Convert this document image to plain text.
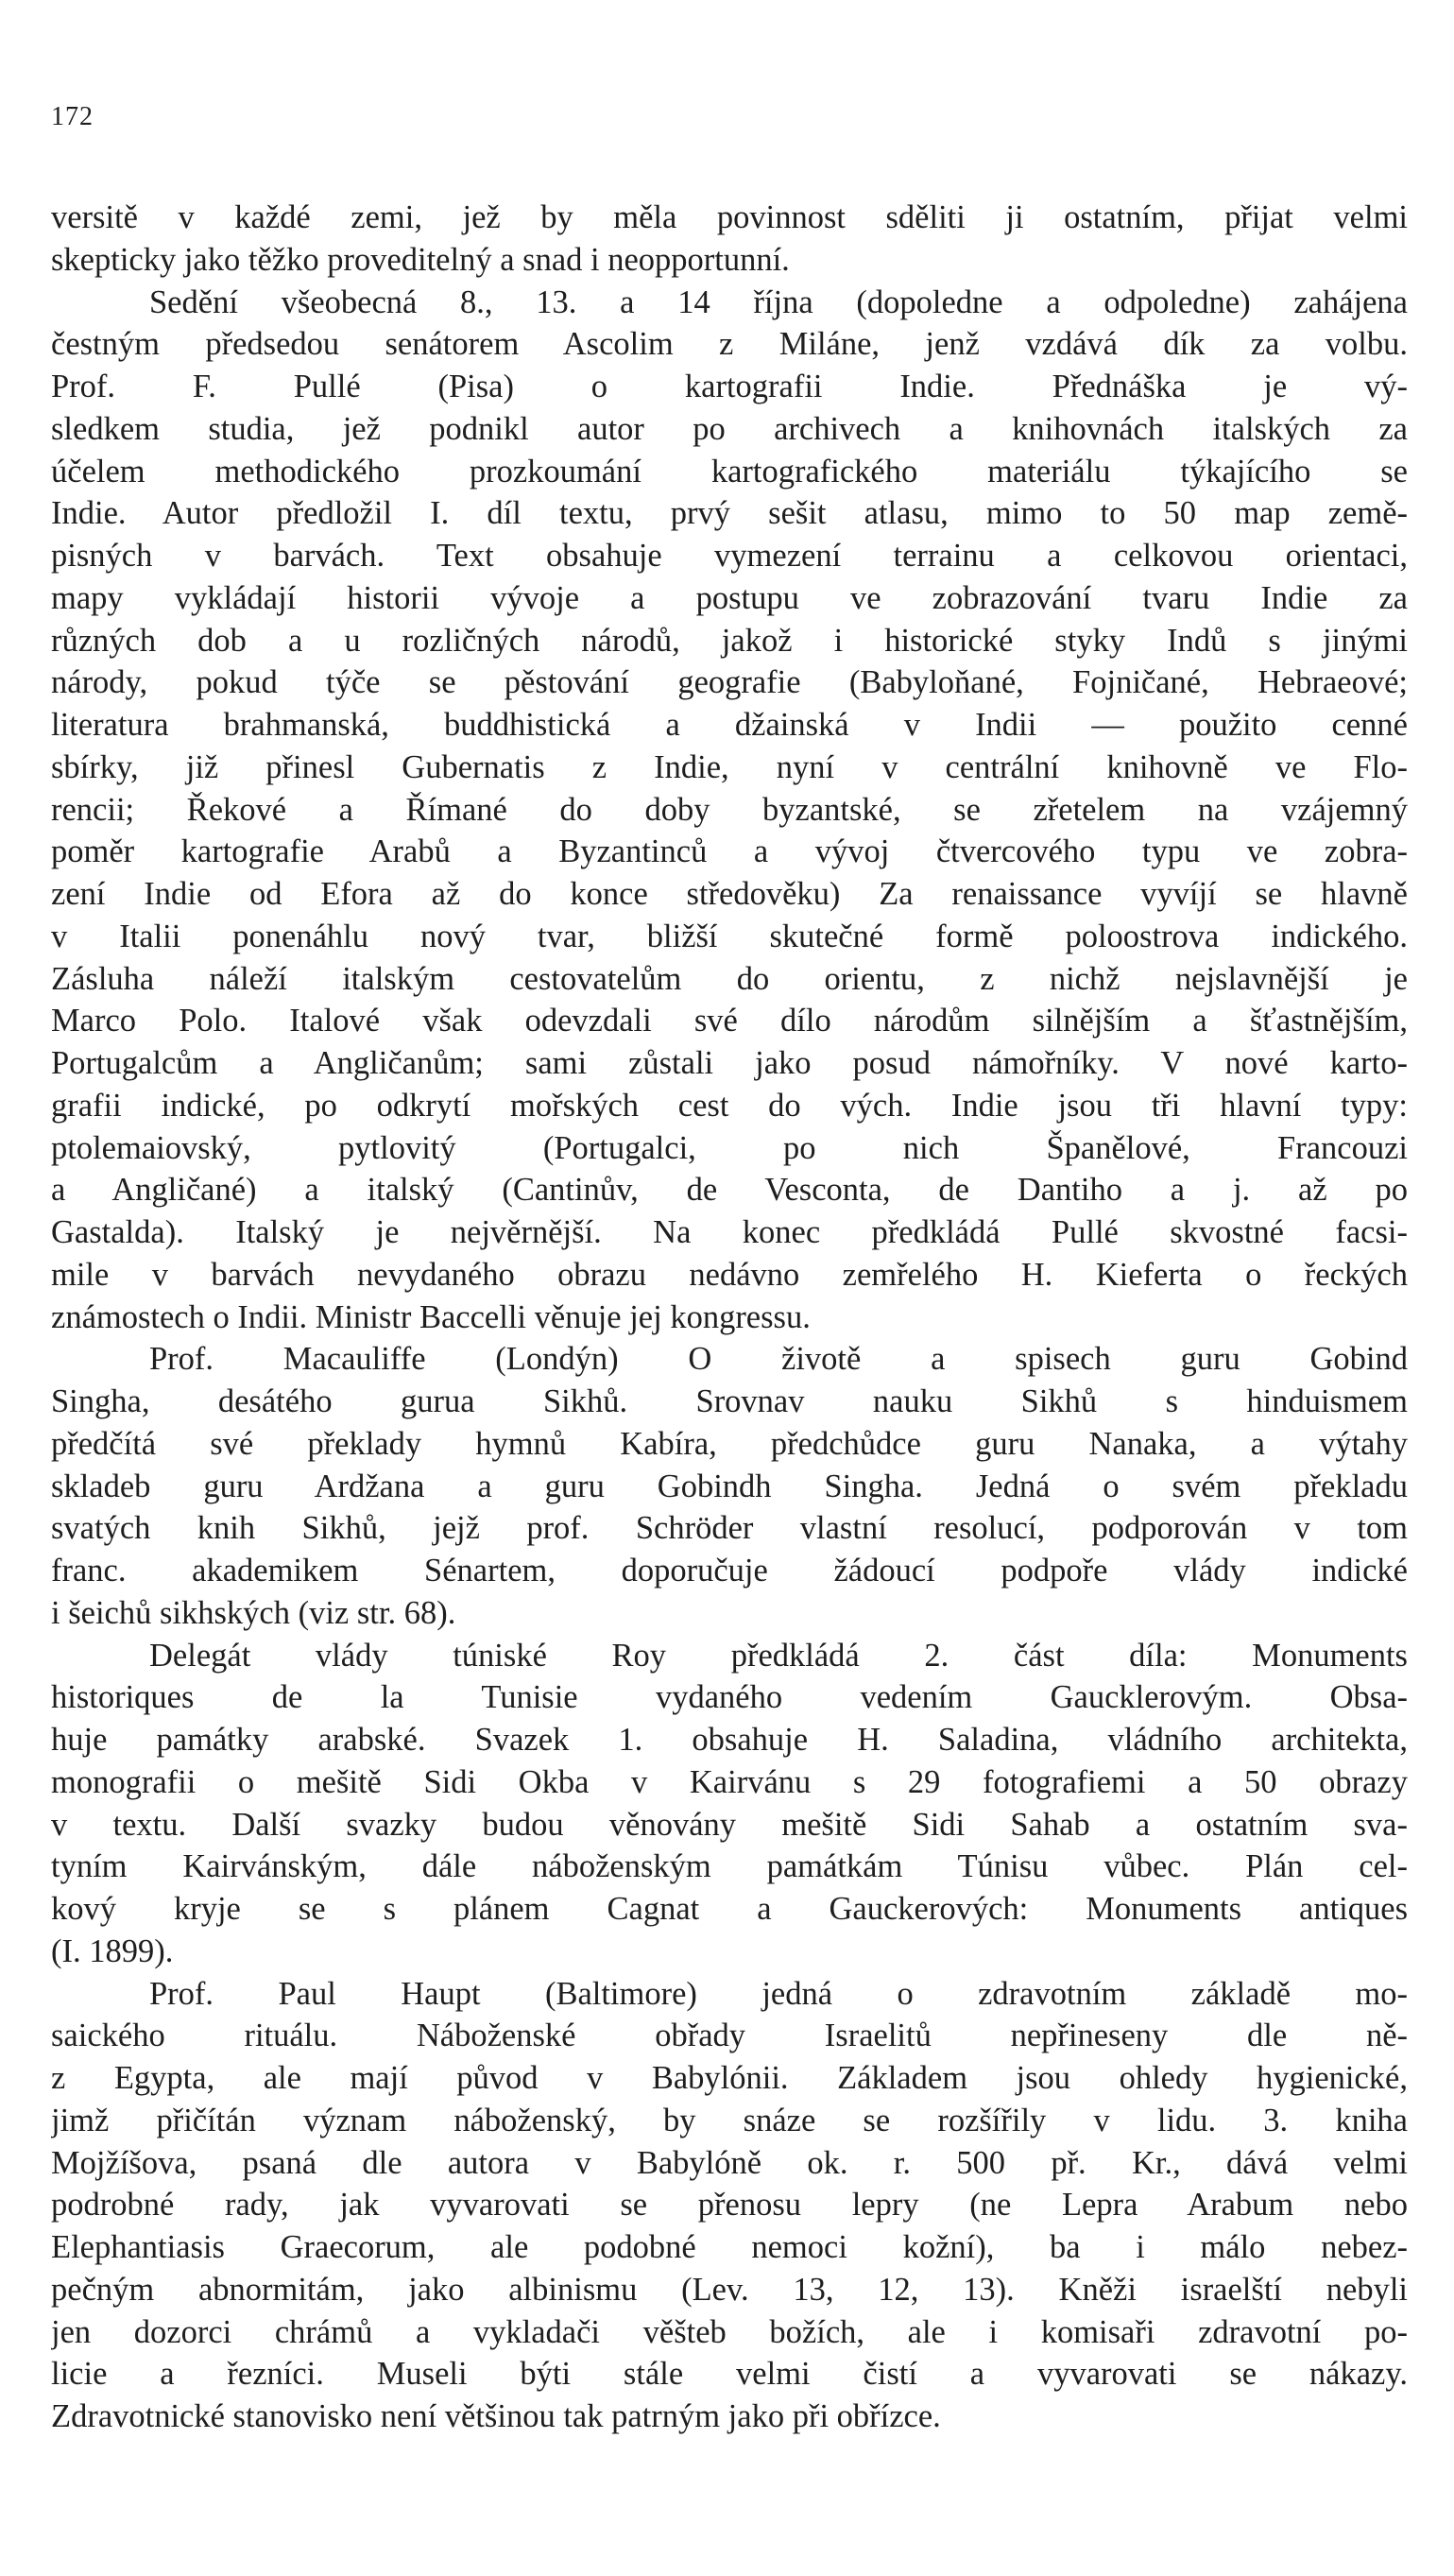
172
versitě v každé zemi, jež by měla povinnost sděliti ji ostatním, přijat velmi
skepticky jako těžko proveditelný a snad i neopportunní.
Sedění všeobecná 8., 13. a 14 října (dopoledne a odpoledne) zahájena
čestným předsedou senátorem Ascolim z Miláne, jenž vzdává dík za volbu.
Prof. F. Pullé (Pisa) o kartografii Indie. Přednáška je vý-
sledkem studia, jež podnikl autor po archivech a knihovnách italských za
účelem methodického prozkoumání kartografického materiálu týkajícího se
Indie. Autor předložil I. díl textu, prvý sešit atlasu, mimo to 50 map země-
pisných v barvách. Text obsahuje vymezení terrainu a celkovou orientaci,
mapy vykládají historii vývoje a postupu ve zobrazování tvaru Indie za
různých dob a u rozličných národů, jakož i historické styky Indů s jinými
národy, pokud týče se pěstování geografie (Babyloňané, Fojničané, Hebraeové;
literatura brahmanská, buddhistická a džainská v Indii — použito cenné
sbírky, již přinesl Gubernatis z Indie, nyní v centrální knihovně ve Flo-
rencii; Řekové a Římané do doby byzantské, se zřetelem na vzájemný
poměr kartografie Arabů a Byzantinců a vývoj čtvercového typu ve zobra-
zení Indie od Efora až do konce středověku) Za renaissance vyvíjí se hlavně
v Italii ponenáhlu nový tvar, bližší skutečné formě poloostrova indického.
Zásluha náleží italským cestovatelům do orientu, z nichž nejslavnější je
Marco Polo. Italové však odevzdali své dílo národům silnějším a šťastnějším,
Portugalcům a Angličanům; sami zůstali jako posud námořníky. V nové karto-
grafii indické, po odkrytí mořských cest do vých. Indie jsou tři hlavní typy:
ptolemaiovský, pytlovitý (Portugalci, po nich Španělové, Francouzi
a Angličané) a italský (Cantinův, de Vesconta, de Dantiho a j. až po
Gastalda). Italský je nejvěrnější. Na konec předkládá Pullé skvostné facsi-
mile v barvách nevydaného obrazu nedávno zemřelého H. Kieferta o řeckých
známostech o Indii. Ministr Baccelli věnuje jej kongressu.
Prof. Macauliffe (Londýn) O životě a spisech guru Gobind
Singha, desátého gurua Sikhů. Srovnav nauku Sikhů s hinduismem
předčítá své překlady hymnů Kabíra, předchůdce guru Nanaka, a výtahy
skladeb guru Ardžana a guru Gobindh Singha. Jedná o svém překladu
svatých knih Sikhů, jejž prof. Schröder vlastní resolucí, podporován v tom
franc. akademikem Sénartem, doporučuje žádoucí podpoře vlády indické
i šeichů sikhských (viz str. 68).
Delegát vlády túniské Roy předkládá 2. část díla: Monuments
historiques de la Tunisie vydaného vedením Gaucklerovým. Obsa-
huje památky arabské. Svazek 1. obsahuje H. Saladina, vládního architekta,
monografii o mešitě Sidi Okba v Kairvánu s 29 fotografiemi a 50 obrazy
v textu. Další svazky budou věnovány mešitě Sidi Sahab a ostatním sva-
tyním Kairvánským, dále náboženským památkám Túnisu vůbec. Plán cel-
kový kryje se s plánem Cagnat a Gauckerových: Monuments antiques
(I. 1899).
Prof. Paul Haupt (Baltimore) jedná o zdravotním základě mo-
saického rituálu. Náboženské obřady Israelitů nepřineseny dle ně-
z Egypta, ale mají původ v Babylónii. Základem jsou ohledy hygienické,
jimž přičítán význam náboženský, by snáze se rozšířily v lidu. 3. kniha
Mojžíšova, psaná dle autora v Babylóně ok. r. 500 př. Kr., dává velmi
podrobné rady, jak vyvarovati se přenosu lepry (ne Lepra Arabum nebo
Elephantiasis Graecorum, ale podobné nemoci kožní), ba i málo nebez-
pečným abnormitám, jako albinismu (Lev. 13, 12, 13). Kněži israelští nebyli
jen dozorci chrámů a vykladači věšteb božích, ale i komisaři zdravotní po-
licie a řezníci. Museli býti stále velmi čistí a vyvarovati se nákazy.
Zdravotnické stanovisko není většinou tak patrným jako při obřízce.
